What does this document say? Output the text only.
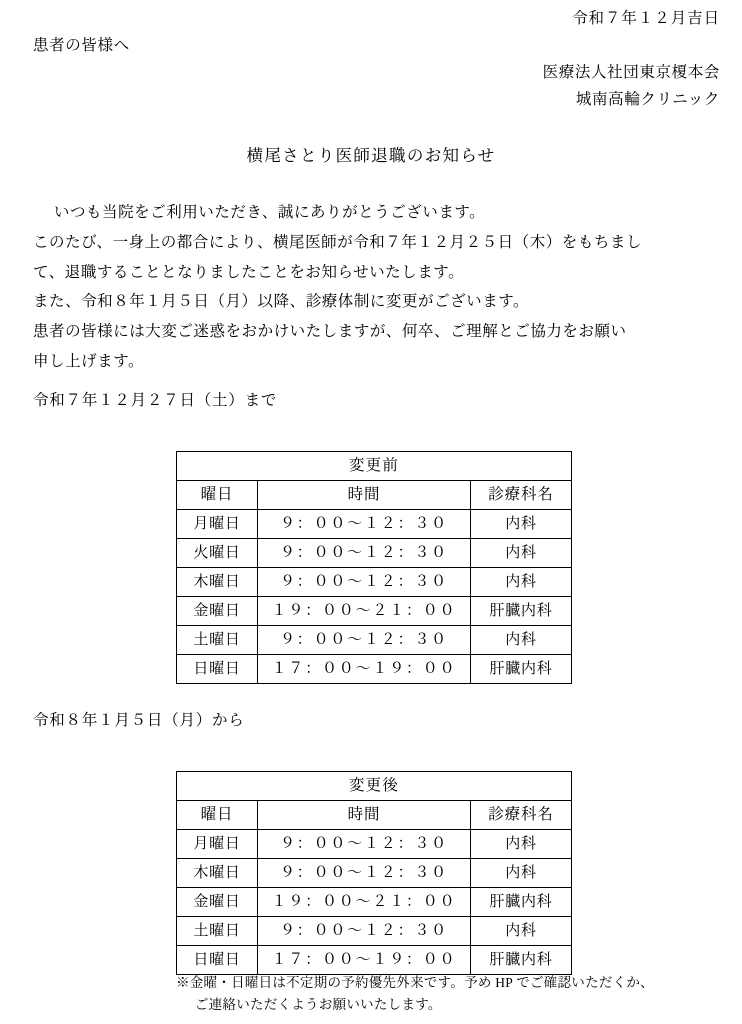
令和７年１２月吉日
患者の皆様へ
医療法人社団東京榎本会
城南高輪クリニック
横尾さとり医師退職のお知らせ
いつも当院をご利用いただき、誠にありがとうございます。
このたび、一身上の都合により、横尾医師が令和７年１２月２５日（木）をもちまし
て、退職することとなりましたことをお知らせいたします。
また、令和８年１月５日（月）以降、診療体制に変更がございます。
患者の皆様には大変ご迷惑をおかけいたしますが、何卒、ご理解とご協力をお願い
申し上げます。
令和７年１２月２７日（土）まで
変更前		
曜日	時間	診療科名
月曜日	９：００～１２：３０	内科
火曜日	９：００～１２：３０	内科
木曜日	９：００～１２：３０	内科
金曜日	１９：００～２１：００	肝臓内科
土曜日	９：００～１２：３０	内科
日曜日	１７：００～１９：００	肝臓内科
令和８年１月５日（月）から
変更後		
曜日	時間	診療科名
月曜日	９：００～１２：３０	内科
木曜日	９：００～１２：３０	内科
金曜日	１９：００～２１：００	肝臓内科
土曜日	９：００～１２：３０	内科
日曜日	１７：００～１９：００	肝臓内科
※金曜・日曜日は不定期の予約優先外来です。予め HP でご確認いただくか、
ご連絡いただくようお願いいたします。
